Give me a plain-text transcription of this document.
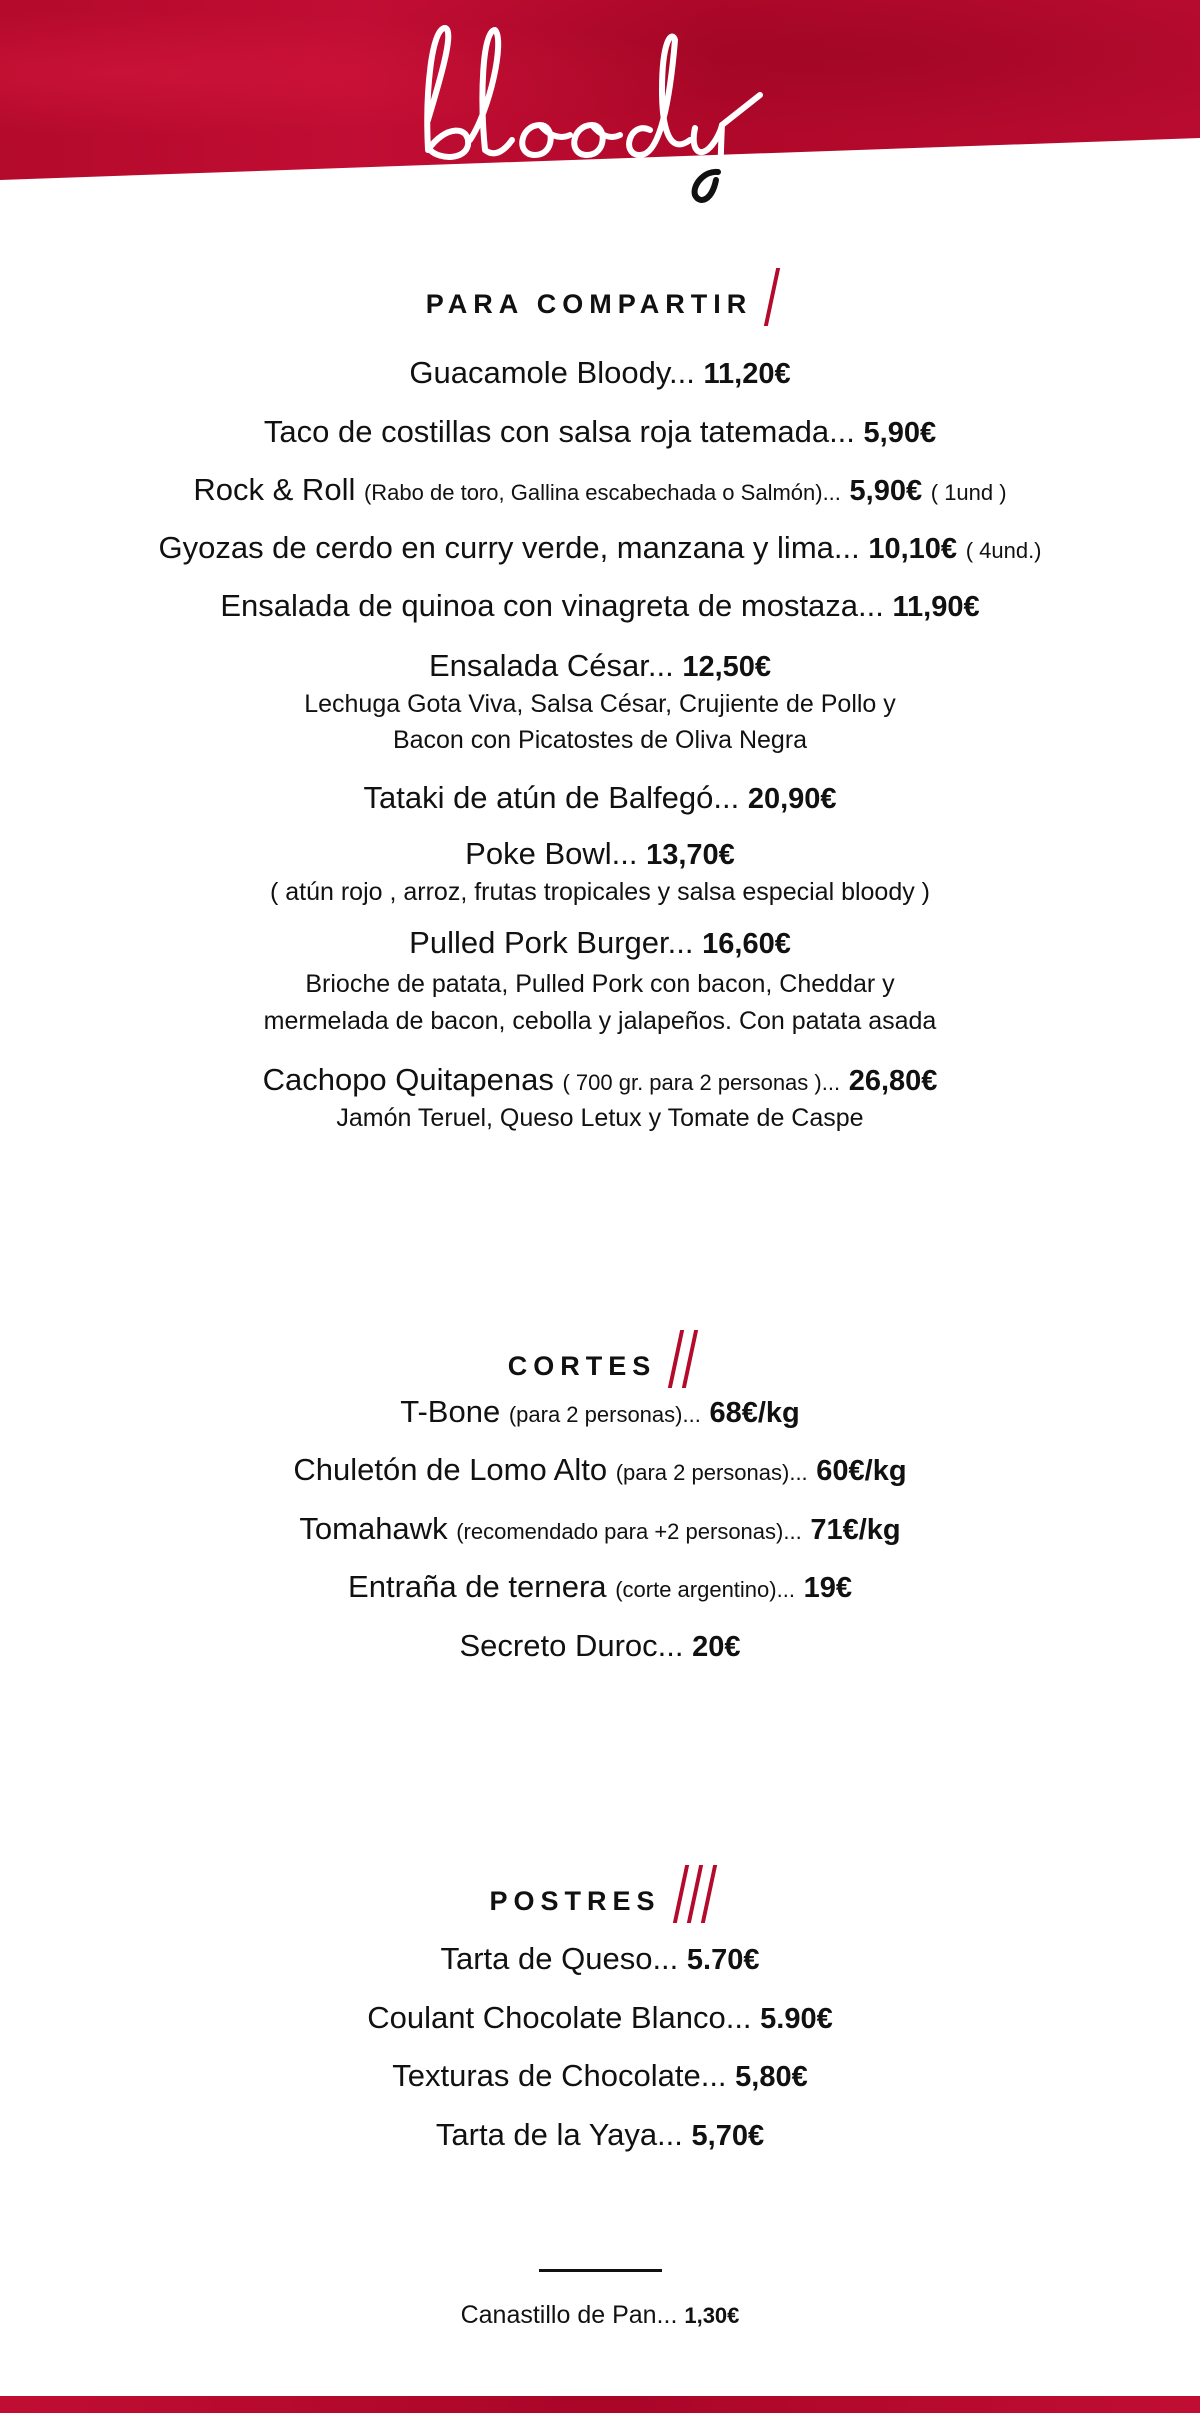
PARA COMPARTIR
Guacamole Bloody... 11,20€
Taco de costillas con salsa roja tatemada... 5,90€
Rock & Roll (Rabo de toro, Gallina escabechada o Salmón)... 5,90€ ( 1und )
Gyozas de cerdo en curry verde, manzana y lima... 10,10€ ( 4und.)
Ensalada de quinoa con vinagreta de mostaza... 11,90€
Ensalada César... 12,50€
Lechuga Gota Viva, Salsa César, Crujiente de Pollo y
Bacon con Picatostes de Oliva Negra
Tataki de atún de Balfegó... 20,90€
Poke Bowl... 13,70€
( atún rojo , arroz, frutas tropicales y salsa especial bloody )
Pulled Pork Burger... 16,60€
Brioche de patata, Pulled Pork con bacon, Cheddar y
mermelada de bacon, cebolla y jalapeños. Con patata asada
Cachopo Quitapenas ( 700 gr. para 2 personas )... 26,80€
Jamón Teruel, Queso Letux y Tomate de Caspe
CORTES
T-Bone (para 2 personas)... 68€/kg
Chuletón de Lomo Alto (para 2 personas)... 60€/kg
Tomahawk (recomendado para +2 personas)... 71€/kg
Entraña de ternera (corte argentino)... 19€
Secreto Duroc... 20€
POSTRES
Tarta de Queso... 5.70€
Coulant Chocolate Blanco... 5.90€
Texturas de Chocolate... 5,80€
Tarta de la Yaya... 5,70€
Canastillo de Pan... 1,30€
